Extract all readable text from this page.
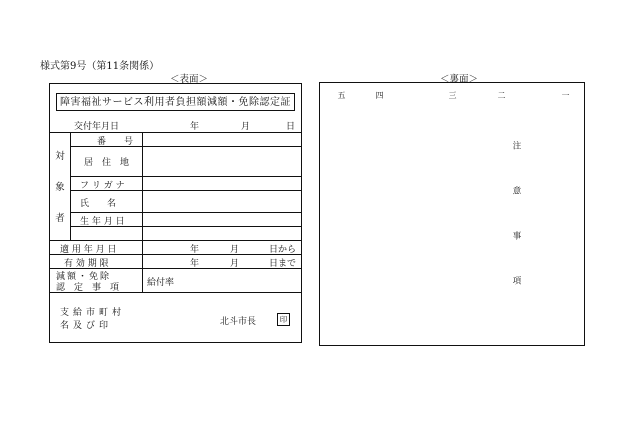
様式第9号（第11条関係）
＜表面＞	＜裏面＞
障害福祉サービス利用者負担額減額・免除認定証
交付年月日	年	月	日
対
象
者
番　　号
居　住　地
フ リ ガ ナ
氏　　名
生 年 月 日
適 用 年 月 日	年	月	日から
有 効 期 限	年	月	日まで
減額・免除
認　定　事　項	給付率
支給市町村
名及び印	北斗市長	印
注　意　事　項
一
二
三
四
五
